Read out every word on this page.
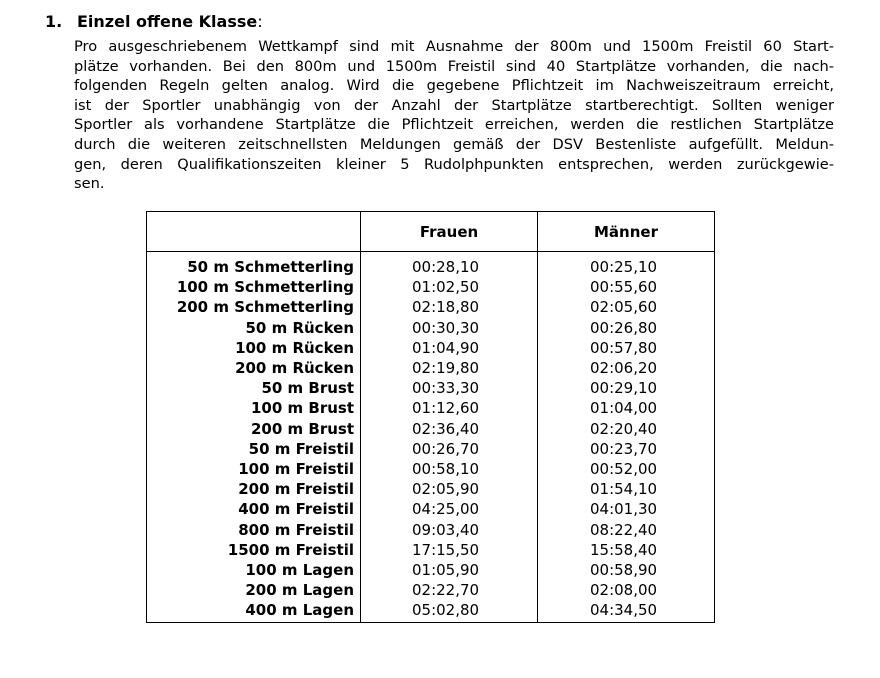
1. Einzel offene Klasse:
Pro ausgeschriebenem Wettkampf sind mit Ausnahme der 800m und 1500m Freistil 60 Start-
plätze vorhanden. Bei den 800m und 1500m Freistil sind 40 Startplätze vorhanden, die nach-
folgenden Regeln gelten analog. Wird die gegebene Pflichtzeit im Nachweiszeitraum erreicht,
ist der Sportler unabhängig von der Anzahl der Startplätze startberechtigt. Sollten weniger
Sportler als vorhandene Startplätze die Pflichtzeit erreichen, werden die restlichen Startplätze
durch die weiteren zeitschnellsten Meldungen gemäß der DSV Bestenliste aufgefüllt. Meldun-
gen, deren Qualifikationszeiten kleiner 5 Rudolphpunkten entsprechen, werden zurückgewie-
sen.
	Frauen	Männer
50 m Schmetterling	00:28,10	00:25,10
100 m Schmetterling	01:02,50	00:55,60
200 m Schmetterling	02:18,80	02:05,60
50 m Rücken	00:30,30	00:26,80
100 m Rücken	01:04,90	00:57,80
200 m Rücken	02:19,80	02:06,20
50 m Brust	00:33,30	00:29,10
100 m Brust	01:12,60	01:04,00
200 m Brust	02:36,40	02:20,40
50 m Freistil	00:26,70	00:23,70
100 m Freistil	00:58,10	00:52,00
200 m Freistil	02:05,90	01:54,10
400 m Freistil	04:25,00	04:01,30
800 m Freistil	09:03,40	08:22,40
1500 m Freistil	17:15,50	15:58,40
100 m Lagen	01:05,90	00:58,90
200 m Lagen	02:22,70	02:08,00
400 m Lagen	05:02,80	04:34,50
